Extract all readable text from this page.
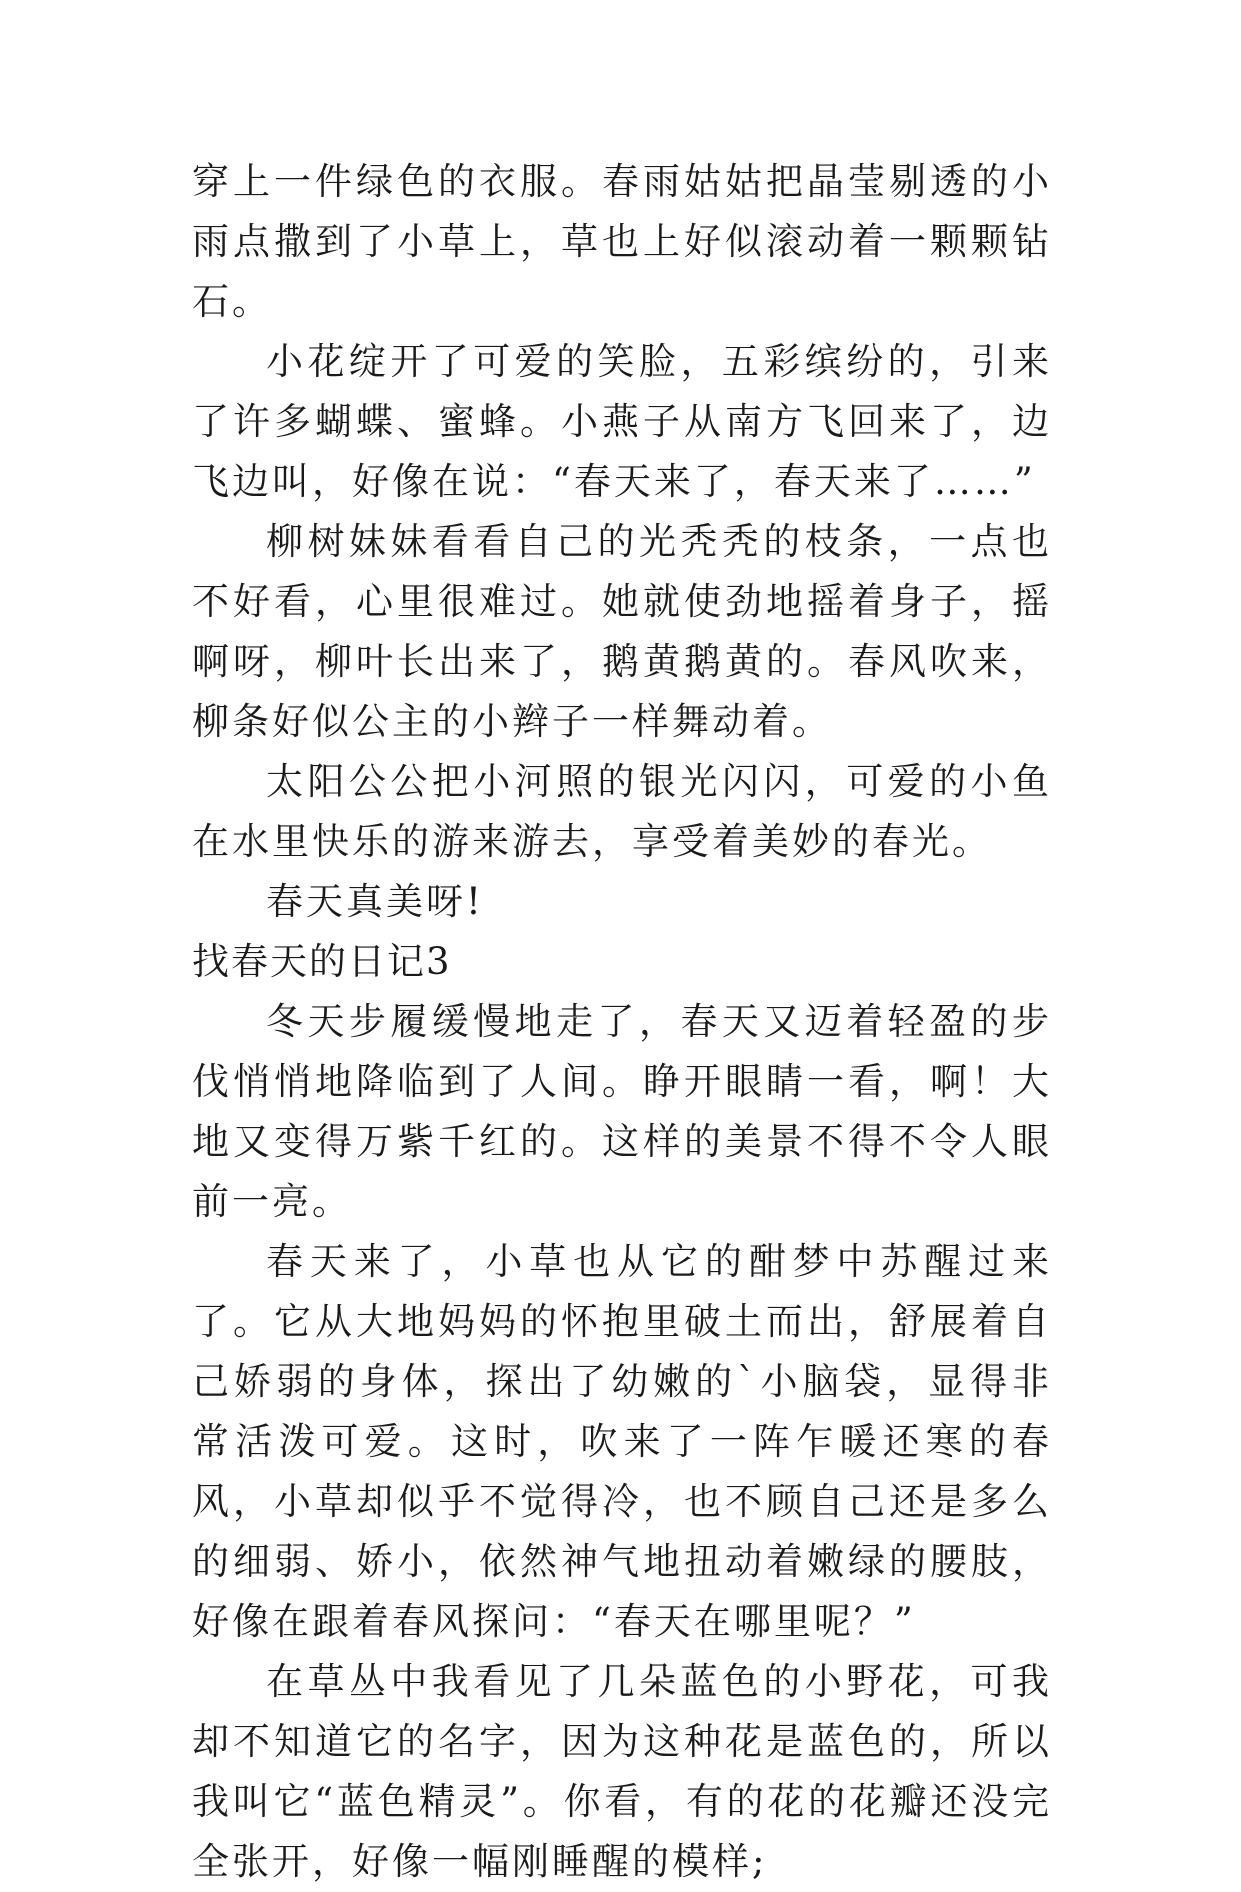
穿上一件绿色的衣服。春雨姑姑把晶莹剔透的小雨点撒到了小草上，草也上好似滚动着一颗颗钻石。

小花绽开了可爱的笑脸，五彩缤纷的，引来了许多蝴蝶、蜜蜂。小燕子从南方飞回来了，边飞边叫，好像在说：“春天来了，春天来了……”

柳树妹妹看看自己的光秃秃的枝条，一点也不好看，心里很难过。她就使劲地摇着身子，摇啊呀，柳叶长出来了，鹅黄鹅黄的。春风吹来，柳条好似公主的小辫子一样舞动着。

太阳公公把小河照的银光闪闪，可爱的小鱼在水里快乐的游来游去，享受着美妙的春光。

春天真美呀!

找春天的日记3

冬天步履缓慢地走了，春天又迈着轻盈的步伐悄悄地降临到了人间。睁开眼睛一看，啊！大地又变得万紫千红的。这样的美景不得不令人眼前一亮。

春天来了，小草也从它的酣梦中苏醒过来了。它从大地妈妈的怀抱里破土而出，舒展着自己娇弱的身体，探出了幼嫩的`小脑袋，显得非常活泼可爱。这时，吹来了一阵乍暖还寒的春风，小草却似乎不觉得冷，也不顾自己还是多么的细弱、娇小，依然神气地扭动着嫩绿的腰肢，好像在跟着春风探问：“春天在哪里呢？”

在草丛中我看见了几朵蓝色的小野花，可我却不知道它的名字，因为这种花是蓝色的，所以我叫它“蓝色精灵”。你看，有的花的花瓣还没完全张开，好像一幅刚睡醒的模样;
